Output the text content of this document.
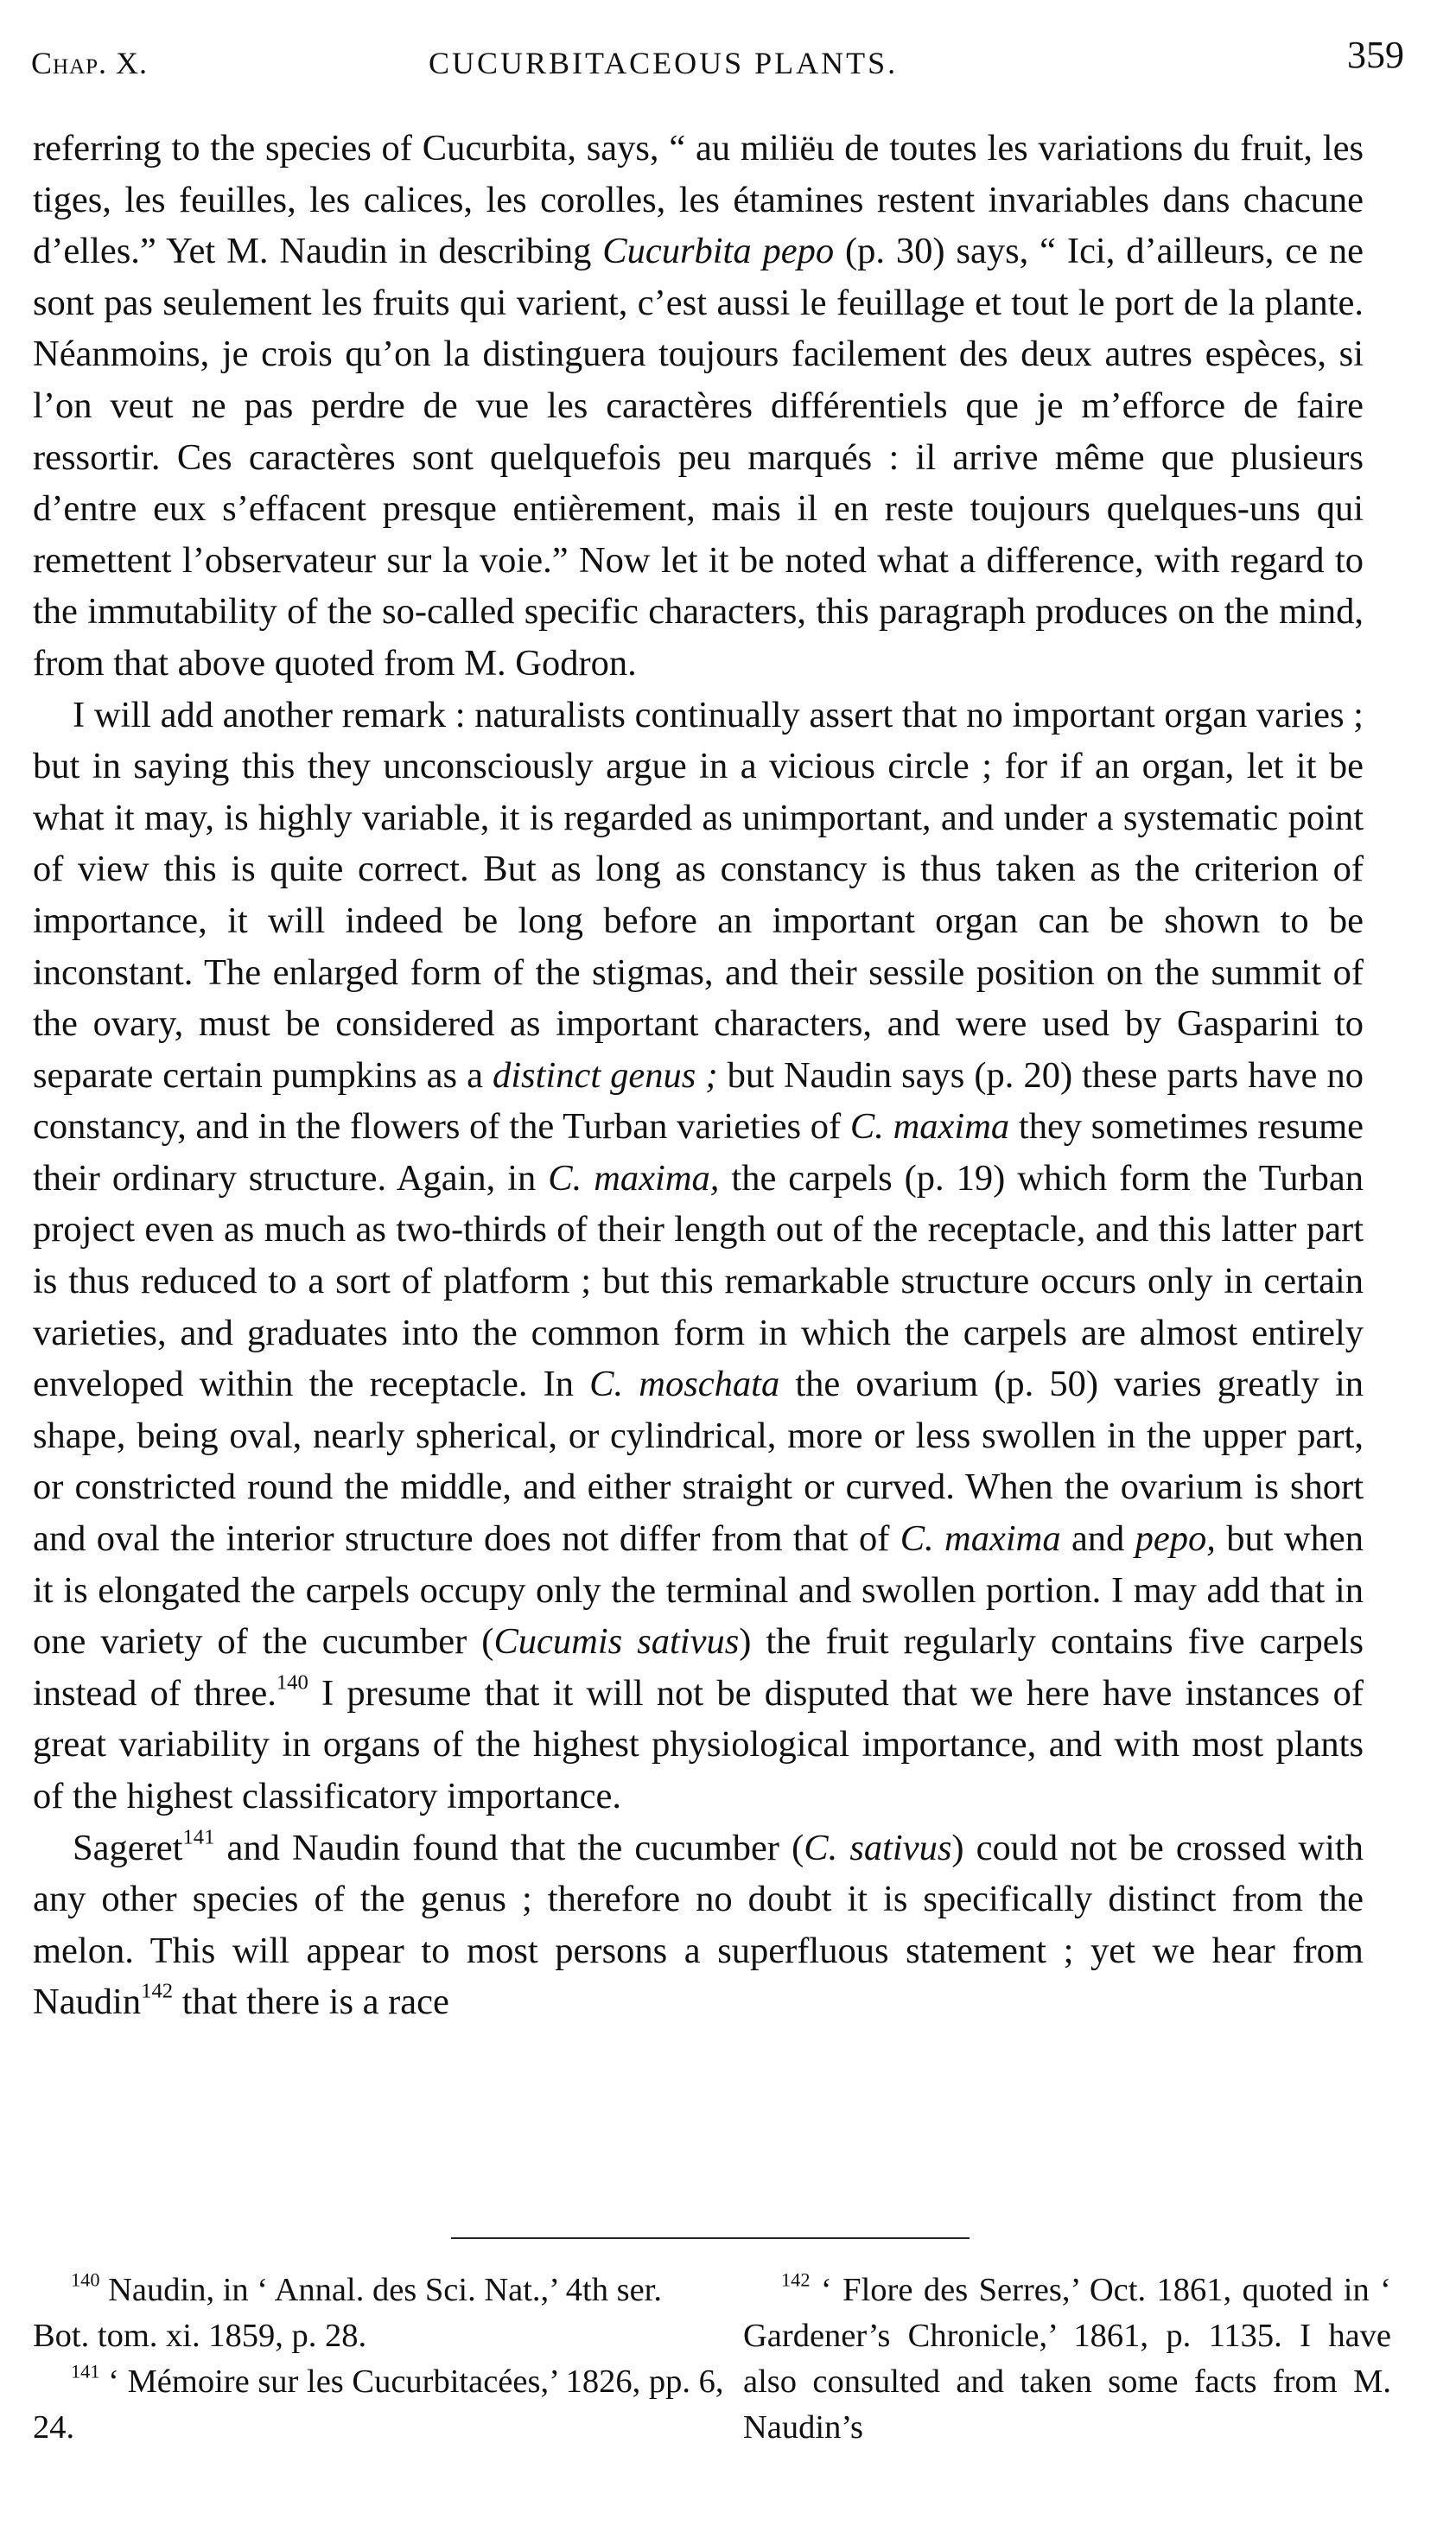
Chap. X.	CUCURBITACEOUS PLANTS.	359

referring to the species of Cucurbita, says, “ au miliëu de toutes les variations du fruit, les tiges, les feuilles, les calices, les corolles, les étamines restent invariables dans chacune d’elles.” Yet M. Naudin in describing Cucurbita pepo (p. 30) says, “ Ici, d’ailleurs, ce ne sont pas seulement les fruits qui varient, c’est aussi le feuillage et tout le port de la plante. Néanmoins, je crois qu’on la distinguera toujours facilement des deux autres espèces, si l’on veut ne pas perdre de vue les caractères différentiels que je m’efforce de faire ressortir. Ces caractères sont quelquefois peu marqués : il arrive même que plusieurs d’entre eux s’effacent presque entièrement, mais il en reste toujours quelques-uns qui remettent l’observateur sur la voie.” Now let it be noted what a difference, with regard to the immutability of the so-called specific characters, this paragraph produces on the mind, from that above quoted from M. Godron.

I will add another remark : naturalists continually assert that no important organ varies ; but in saying this they unconsciously argue in a vicious circle ; for if an organ, let it be what it may, is highly variable, it is regarded as unimportant, and under a systematic point of view this is quite correct. But as long as constancy is thus taken as the criterion of importance, it will indeed be long before an important organ can be shown to be inconstant. The enlarged form of the stigmas, and their sessile position on the summit of the ovary, must be considered as important characters, and were used by Gasparini to separate certain pumpkins as a distinct genus ; but Naudin says (p. 20) these parts have no constancy, and in the flowers of the Turban varieties of C. maxima they sometimes resume their ordinary structure. Again, in C. maxima, the carpels (p. 19) which form the Turban project even as much as two-thirds of their length out of the receptacle, and this latter part is thus reduced to a sort of platform ; but this remarkable structure occurs only in certain varieties, and graduates into the common form in which the carpels are almost entirely enveloped within the receptacle. In C. moschata the ovarium (p. 50) varies greatly in shape, being oval, nearly spherical, or cylindrical, more or less swollen in the upper part, or constricted round the middle, and either straight or curved. When the ovarium is short and oval the interior structure does not differ from that of C. maxima and pepo, but when it is elongated the carpels occupy only the terminal and swollen portion. I may add that in one variety of the cucumber (Cucumis sativus) the fruit regularly contains five carpels instead of three.$^{140}$ I presume that it will not be disputed that we here have instances of great variability in organs of the highest physiological importance, and with most plants of the highest classificatory importance.

Sageret$^{141}$ and Naudin found that the cucumber (C. sativus) could not be crossed with any other species of the genus ; therefore no doubt it is specifically distinct from the melon. This will appear to most persons a superfluous statement ; yet we hear from Naudin$^{142}$ that there is a race

$^{140}$ Naudin, in ‘ Annal. des Sci. Nat.,’ 4th ser. Bot. tom. xi. 1859, p. 28.

$^{141}$ ‘ Mémoire sur les Cucurbitacées,’ 1826, pp. 6, 24.

$^{142}$ ‘ Flore des Serres,’ Oct. 1861, quoted in ‘ Gardener’s Chronicle,’ 1861, p. 1135. I have also consulted and taken some facts from M. Naudin’s
